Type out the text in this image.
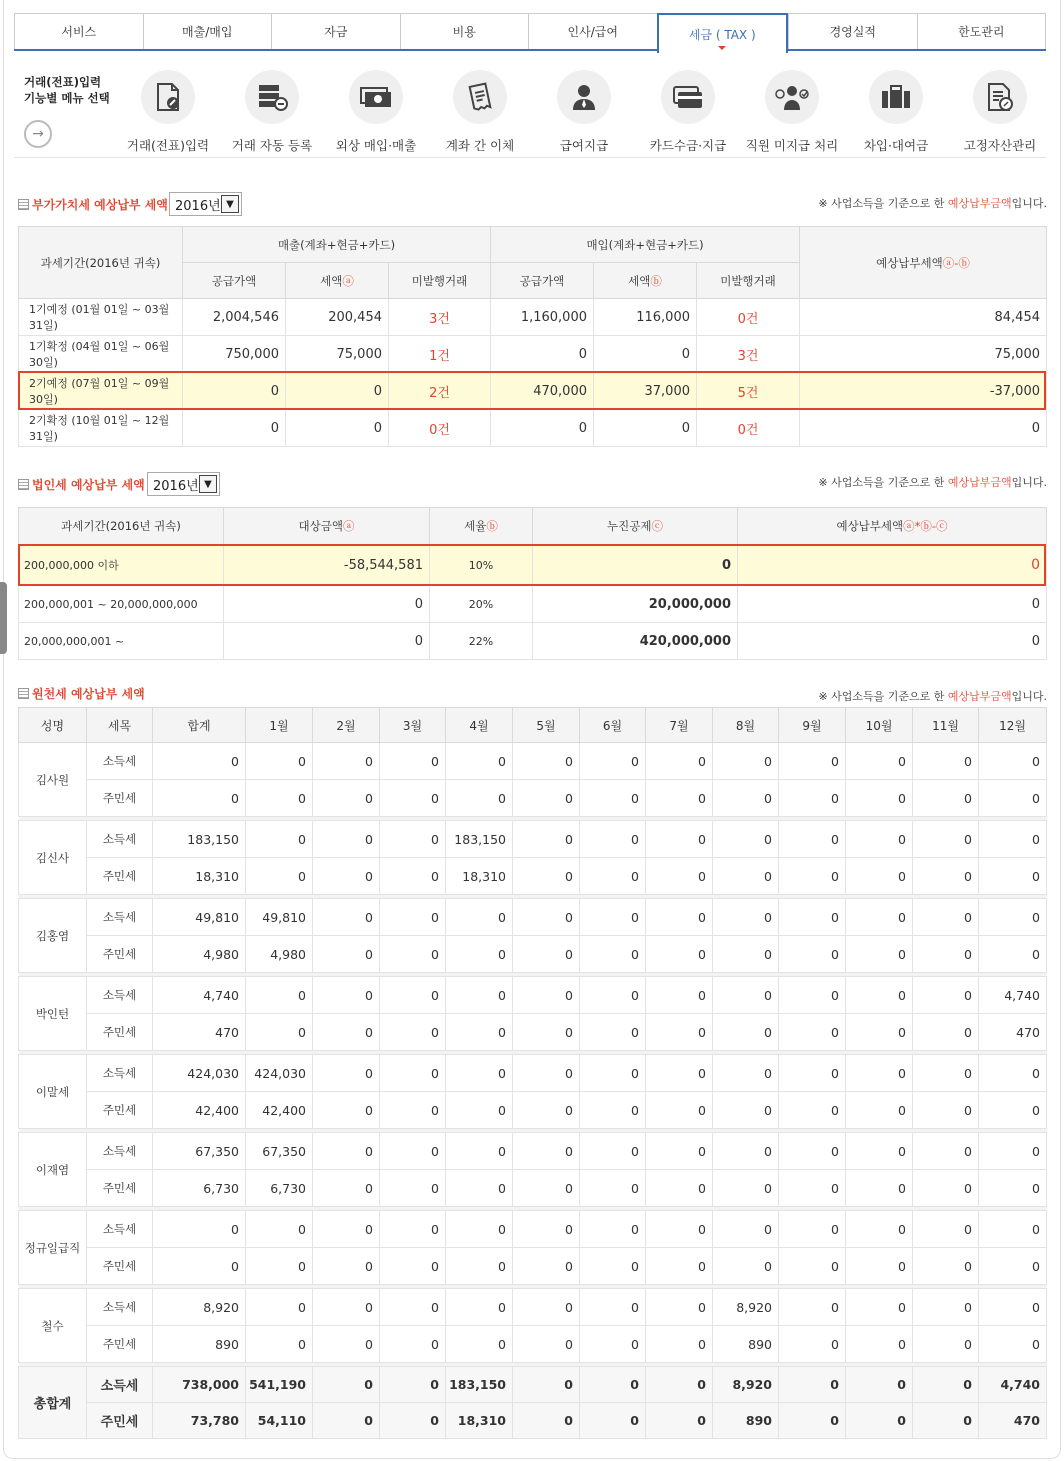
서비스	매출/매입	자금	비용	인사/급여	세금 ( TAX )	경영실적	한도관리
거래(전표)입력
기능별 메뉴 선택
→
거래(전표)입력	거래 자동 등록	외상 매입·매출	계좌 간 이체	급여지급	카드수금·지급	직원 미지급 처리	차입·대여금	고정자산관리
부가가치세 예상납부 세액 2016년 ▼	※ 사업소득을 기준으로 한 예상납부금액입니다.
과세기간(2016년 귀속)	매출(계좌+현금+카드)			매입(계좌+현금+카드)			예상납부세액ⓐ-ⓑ
	공급가액	세액ⓐ	미발행거래	공급가액	세액ⓑ	미발행거래	
1기예정 (01월 01일 ~ 03월 31일)	2,004,546	200,454	3건	1,160,000	116,000	0건	84,454
1기확정 (04월 01일 ~ 06월 30일)	750,000	75,000	1건	0	0	3건	75,000
2기예정 (07월 01일 ~ 09월 30일)	0	0	2건	470,000	37,000	5건	-37,000
2기확정 (10월 01일 ~ 12월 31일)	0	0	0건	0	0	0건	0
법인세 예상납부 세액 2016년 ▼	※ 사업소득을 기준으로 한 예상납부금액입니다.
과세기간(2016년 귀속)	대상금액ⓐ	세율ⓑ	누진공제ⓒ	예상납부세액ⓐ*ⓑ-ⓒ
200,000,000 이하	-58,544,581	10%	0	0
200,000,001 ~ 20,000,000,000	0	20%	20,000,000	0
20,000,000,001 ~	0	22%	420,000,000	0
원천세 예상납부 세액	※ 사업소득을 기준으로 한 예상납부금액입니다.
성명	세목	합계	1월	2월	3월	4월	5월	6월	7월	8월	9월	10월	11월	12월
김사원	소득세	0	0	0	0	0	0	0	0	0	0	0	0	0
	주민세	0	0	0	0	0	0	0	0	0	0	0	0	0

김신사	소득세	183,150	0	0	0	183,150	0	0	0	0	0	0	0	0
	주민세	18,310	0	0	0	18,310	0	0	0	0	0	0	0	0

김홍염	소득세	49,810	49,810	0	0	0	0	0	0	0	0	0	0	0
	주민세	4,980	4,980	0	0	0	0	0	0	0	0	0	0	0

박인턴	소득세	4,740	0	0	0	0	0	0	0	0	0	0	0	4,740
	주민세	470	0	0	0	0	0	0	0	0	0	0	0	470

이말세	소득세	424,030	424,030	0	0	0	0	0	0	0	0	0	0	0
	주민세	42,400	42,400	0	0	0	0	0	0	0	0	0	0	0

이재염	소득세	67,350	67,350	0	0	0	0	0	0	0	0	0	0	0
	주민세	6,730	6,730	0	0	0	0	0	0	0	0	0	0	0

정규일급직	소득세	0	0	0	0	0	0	0	0	0	0	0	0	0
	주민세	0	0	0	0	0	0	0	0	0	0	0	0	0

철수	소득세	8,920	0	0	0	0	0	0	0	8,920	0	0	0	0
	주민세	890	0	0	0	0	0	0	0	890	0	0	0	0

총합계	소득세	738,000	541,190	0	0	183,150	0	0	0	8,920	0	0	0	4,740
	주민세	73,780	54,110	0	0	18,310	0	0	0	890	0	0	0	470
